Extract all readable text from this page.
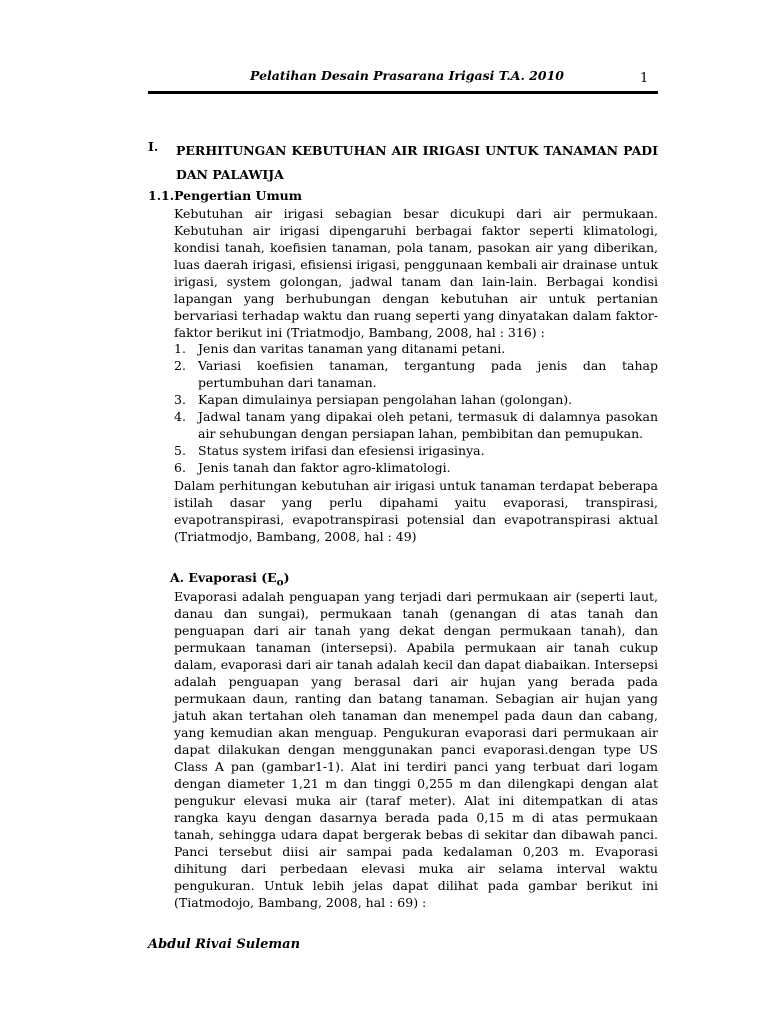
Pelatihan Desain Prasarana Irigasi T.A. 2010	1
I. PERHITUNGAN KEBUTUHAN AIR IRIGASI UNTUK TANAMAN PADI DAN PALAWIJA
1.1.Pengertian Umum
Kebutuhan air irigasi sebagian besar dicukupi dari air permukaan. Kebutuhan air irigasi dipengaruhi berbagai faktor seperti klimatologi, kondisi tanah, koefisien tanaman, pola tanam, pasokan air yang diberikan, luas daerah irigasi, efisiensi irigasi, penggunaan kembali air drainase untuk irigasi, system golongan, jadwal tanam dan lain-lain. Berbagai kondisi lapangan yang berhubungan dengan kebutuhan air untuk pertanian bervariasi terhadap waktu dan ruang seperti yang dinyatakan dalam faktor-faktor berikut ini (Triatmodjo, Bambang, 2008, hal : 316) :
1. Jenis dan varitas tanaman yang ditanami petani.
2. Variasi koefisien tanaman, tergantung pada jenis dan tahap pertumbuhan dari tanaman.
3. Kapan dimulainya persiapan pengolahan lahan (golongan).
4. Jadwal tanam yang dipakai oleh petani, termasuk di dalamnya pasokan air sehubungan dengan persiapan lahan, pembibitan dan pemupukan.
5. Status system irifasi dan efesiensi irigasinya.
6. Jenis tanah dan faktor agro-klimatologi.
Dalam perhitungan kebutuhan air irigasi untuk tanaman terdapat beberapa istilah dasar yang perlu dipahami yaitu evaporasi, transpirasi, evapotranspirasi, evapotranspirasi potensial dan evapotranspirasi aktual (Triatmodjo, Bambang, 2008, hal : 49)
A. Evaporasi $(E_o)$
Evaporasi adalah penguapan yang terjadi dari permukaan air (seperti laut, danau dan sungai), permukaan tanah (genangan di atas tanah dan penguapan dari air tanah yang dekat dengan permukaan tanah), dan permukaan tanaman (intersepsi). Apabila permukaan air tanah cukup dalam, evaporasi dari air tanah adalah kecil dan dapat diabaikan. Intersepsi adalah penguapan yang berasal dari air hujan yang berada pada permukaan daun, ranting dan batang tanaman. Sebagian air hujan yang jatuh akan tertahan oleh tanaman dan menempel pada daun dan cabang, yang kemudian akan menguap. Pengukuran evaporasi dari permukaan air dapat dilakukan dengan menggunakan panci evaporasi.dengan type US Class A pan (gambar1-1). Alat ini terdiri panci yang terbuat dari logam dengan diameter 1,21 m dan tinggi 0,255 m dan dilengkapi dengan alat pengukur elevasi muka air (taraf meter). Alat ini ditempatkan di atas rangka kayu dengan dasarnya berada pada 0,15 m di atas permukaan tanah, sehingga udara dapat bergerak bebas di sekitar dan dibawah panci. Panci tersebut diisi air sampai pada kedalaman 0,203 m. Evaporasi dihitung dari perbedaan elevasi muka air selama interval waktu pengukuran. Untuk lebih jelas dapat dilihat pada gambar berikut ini (Tiatmodojo, Bambang, 2008, hal : 69) :
Abdul Rivai Suleman
